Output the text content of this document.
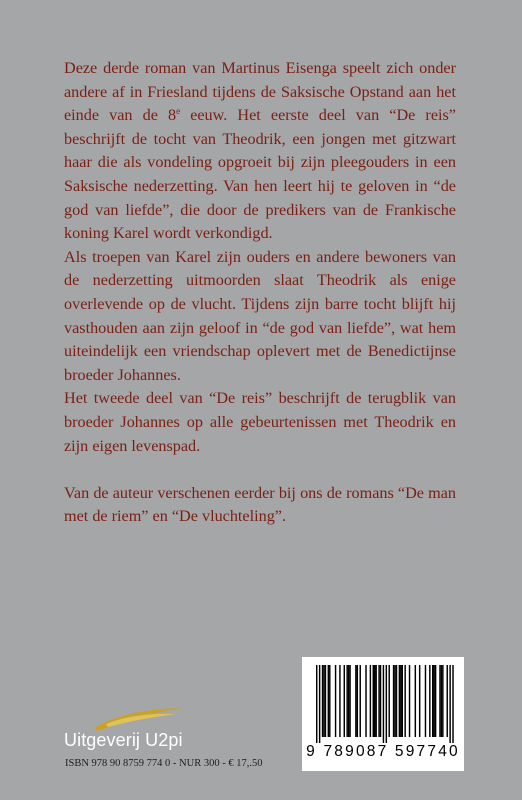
Deze derde roman van Martinus Eisenga speelt zich onder andere af in Friesland tijdens de Saksische Opstand aan het einde van de 8e eeuw. Het eerste deel van “De reis” beschrijft de tocht van Theodrik, een jongen met gitzwart haar die als vondeling opgroeit bij zijn pleegouders in een Saksische nederzetting. Van hen leert hij te geloven in “de god van liefde”, die door de predikers van de Frankische koning Karel wordt verkondigd.

Als troepen van Karel zijn ouders en andere bewoners van de nederzetting uitmoorden slaat Theodrik als enige overlevende op de vlucht. Tijdens zijn barre tocht blijft hij vasthouden aan zijn geloof in “de god van liefde”, wat hem uiteindelijk een vriendschap oplevert met de Benedictijnse broeder Johannes.

Het tweede deel van “De reis” beschrijft de terugblik van broeder Johannes op alle gebeurtenissen met Theodrik en zijn eigen levenspad.

Van de auteur verschenen eerder bij ons de romans “De man met de riem” en “De vluchteling”.

Uitgeverij U2pi
ISBN 978 90 8759 774 0 - NUR 300 - € 17,.50
9 789087 597740
